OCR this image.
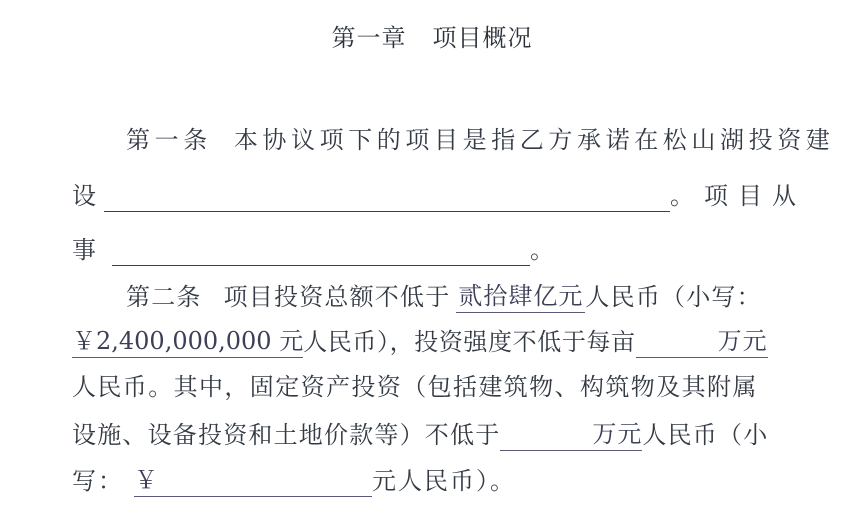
第一章 项目概况
第一条 本协议项下的项目是指乙方承诺在松山湖投资建
设	。项目从
事	。
第二条 项目投资总额不低于 贰拾肆亿元人民币（小写：
￥2,400,000,000 元人民币），投资强度不低于每亩	万元
人民币。其中，固定资产投资（包括建筑物、构筑物及其附属
设施、设备投资和土地价款等）不低于	万元人民币（小
写： ￥	元人民币）。
